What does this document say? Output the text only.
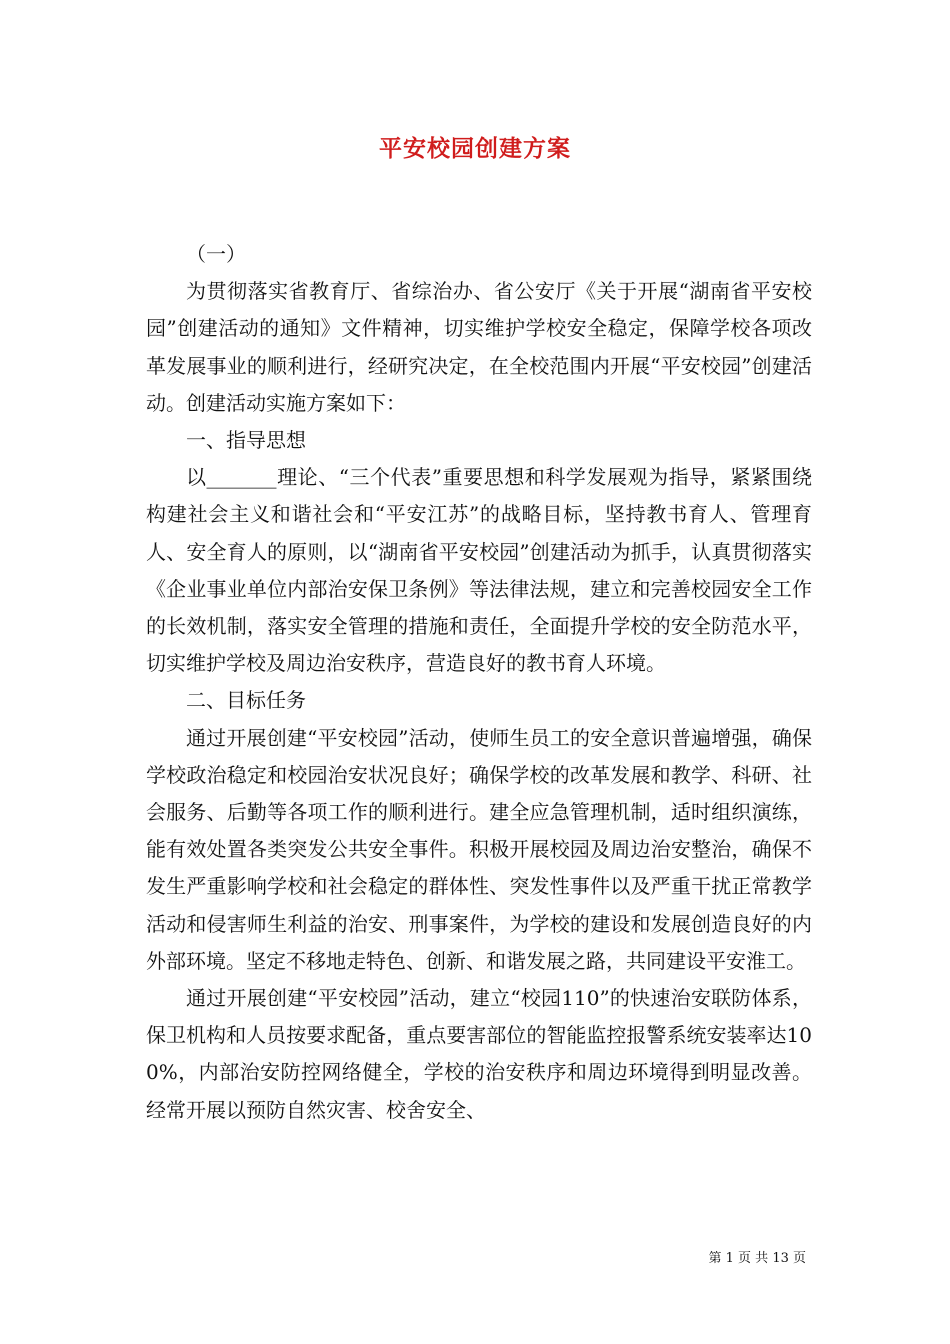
平安校园创建方案

（一）

为贯彻落实省教育厅、省综治办、省公安厅《关于开展“湖南省平安校园”创建活动的通知》文件精神，切实维护学校安全稳定，保障学校各项改革发展事业的顺利进行，经研究决定，在全校范围内开展“平安校园”创建活动。创建活动实施方案如下：

一、指导思想

以_______理论、“三个代表”重要思想和科学发展观为指导，紧紧围绕构建社会主义和谐社会和“平安江苏”的战略目标，坚持教书育人、管理育人、安全育人的原则，以“湖南省平安校园”创建活动为抓手，认真贯彻落实《企业事业单位内部治安保卫条例》等法律法规，建立和完善校园安全工作的长效机制，落实安全管理的措施和责任，全面提升学校的安全防范水平，切实维护学校及周边治安秩序，营造良好的教书育人环境。

二、目标任务

通过开展创建“平安校园”活动，使师生员工的安全意识普遍增强，确保学校政治稳定和校园治安状况良好；确保学校的改革发展和教学、科研、社会服务、后勤等各项工作的顺利进行。建全应急管理机制，适时组织演练，能有效处置各类突发公共安全事件。积极开展校园及周边治安整治，确保不发生严重影响学校和社会稳定的群体性、突发性事件以及严重干扰正常教学活动和侵害师生利益的治安、刑事案件，为学校的建设和发展创造良好的内外部环境。坚定不移地走特色、创新、和谐发展之路，共同建设平安淮工。

通过开展创建“平安校园”活动，建立“校园110”的快速治安联防体系，保卫机构和人员按要求配备，重点要害部位的智能监控报警系统安装率达100%，内部治安防控网络健全，学校的治安秩序和周边环境得到明显改善。经常开展以预防自然灾害、校舍安全、

第 1 页 共 13 页
